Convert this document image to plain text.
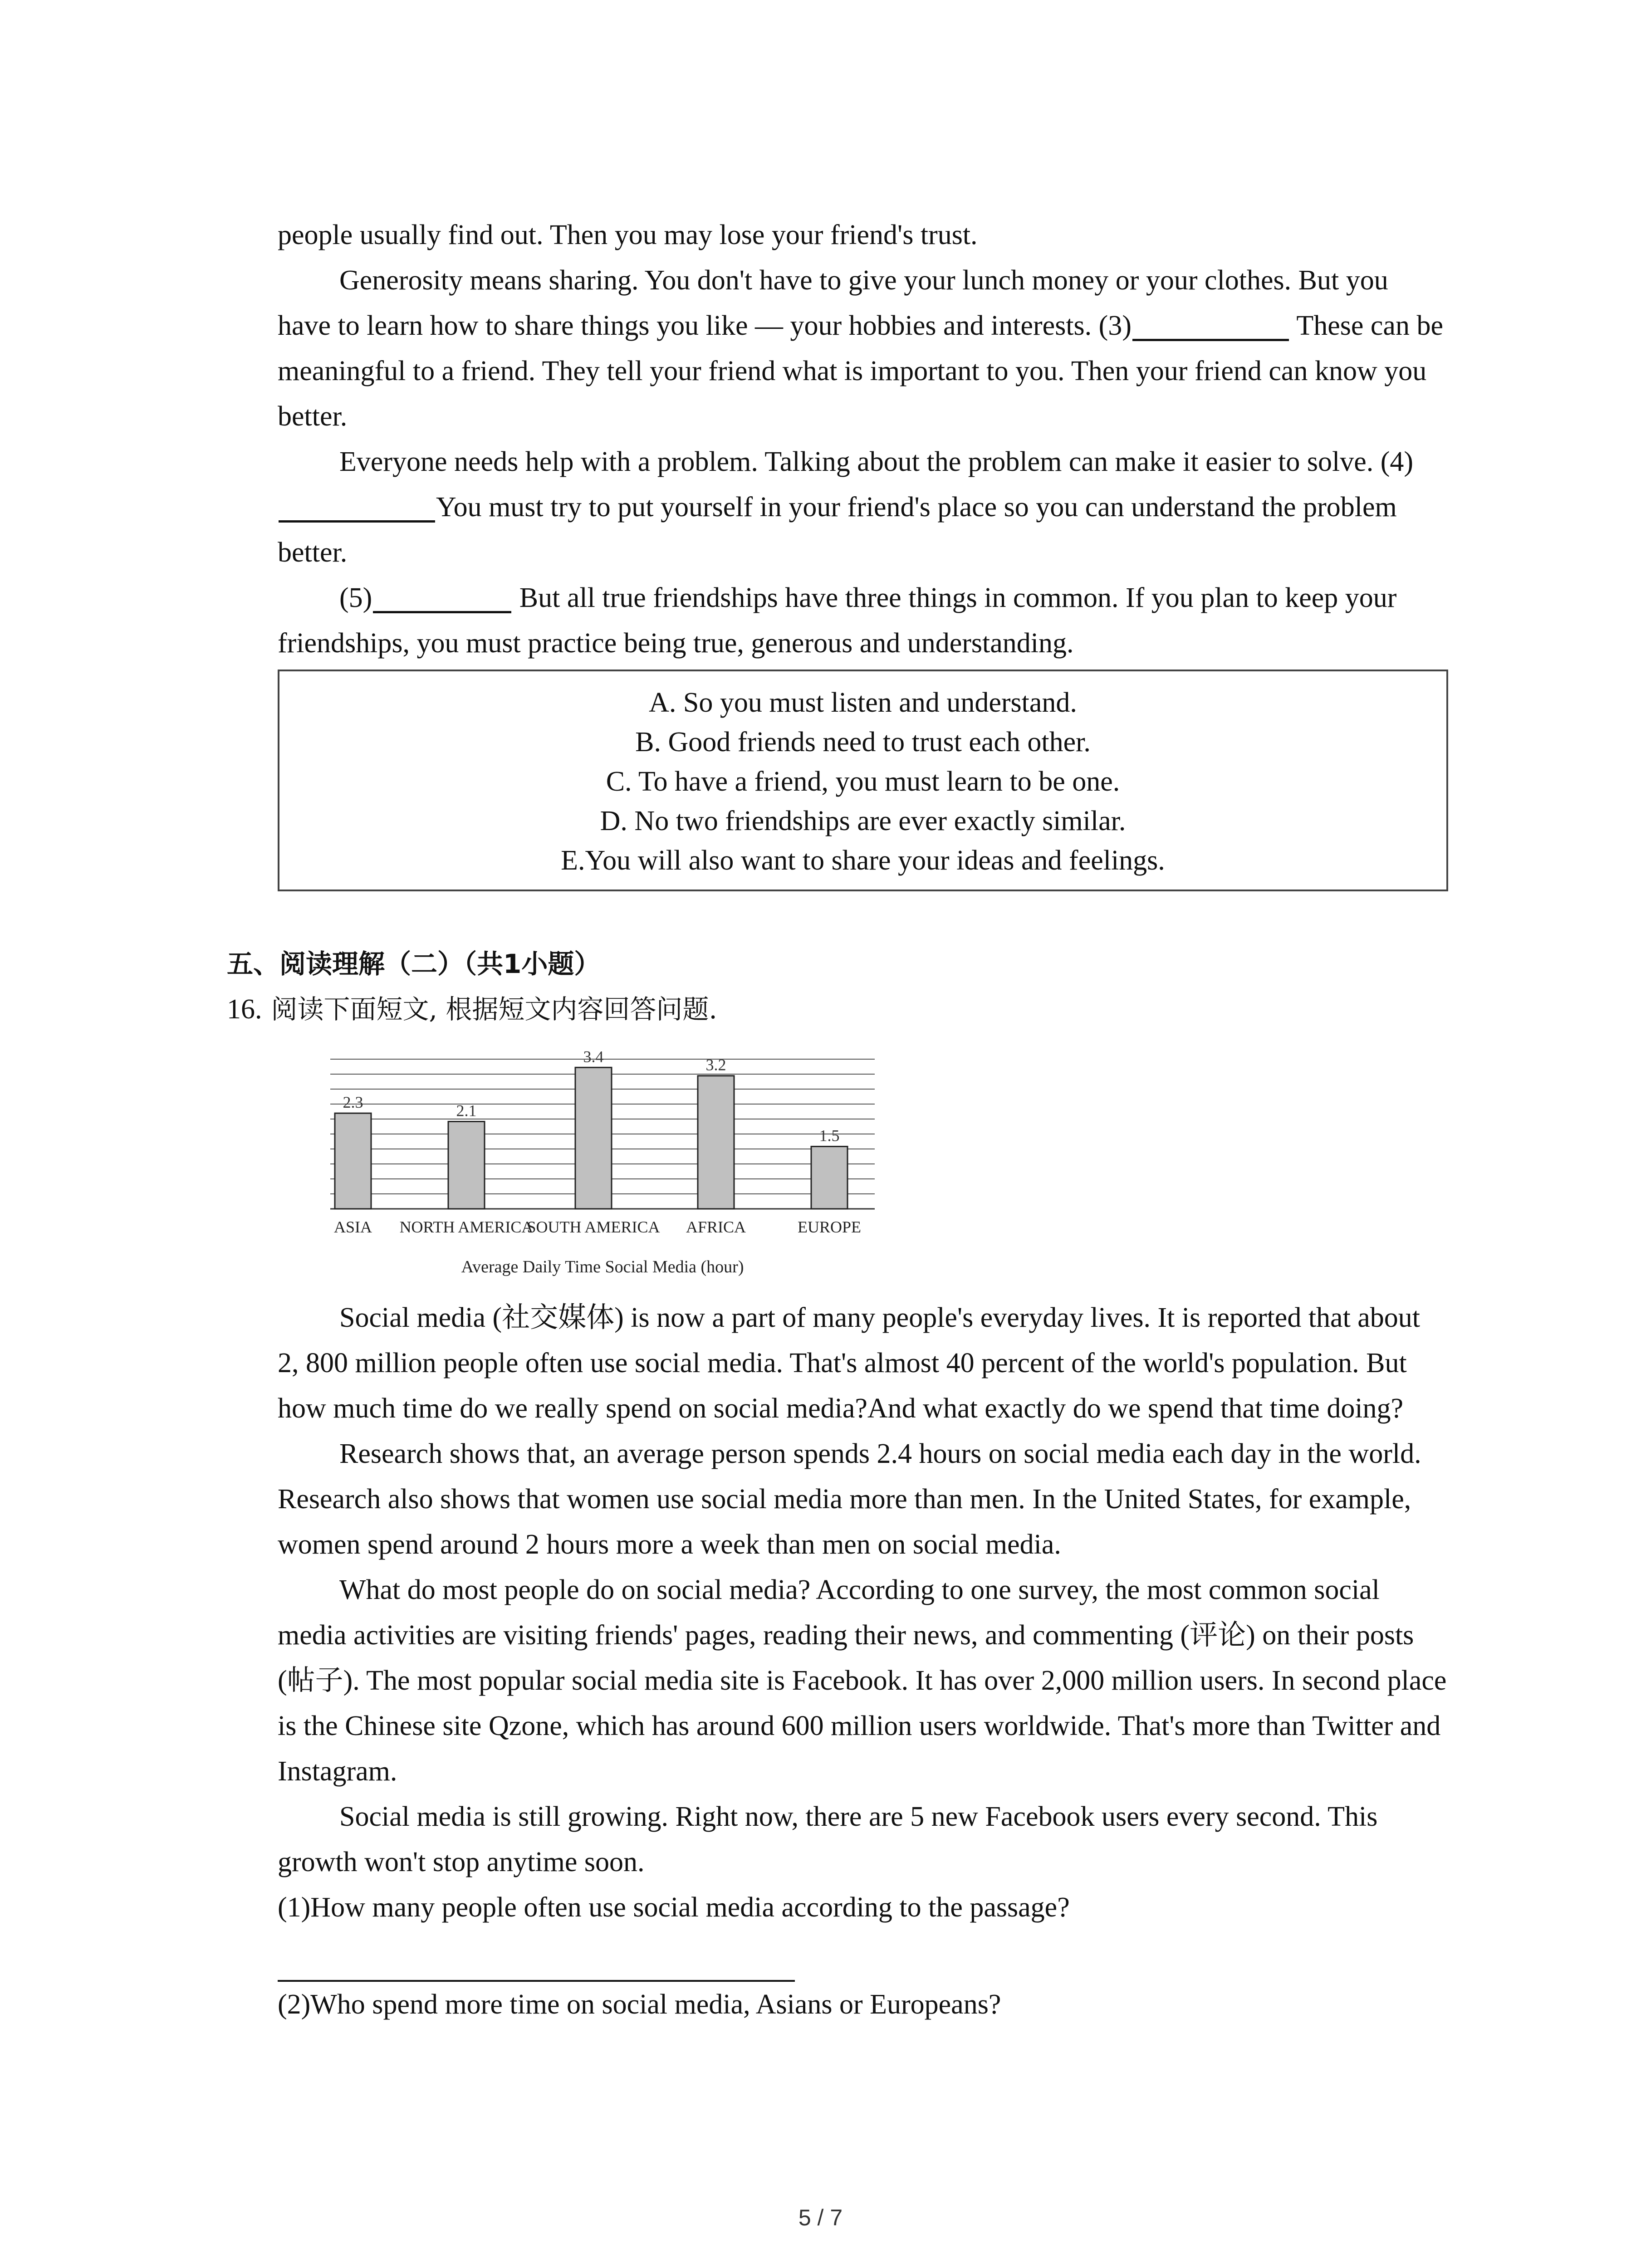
people usually find out. Then you may lose your friend's trust.

Generosity means sharing. You don't have to give your lunch money or your clothes. But you have to learn how to share things you like — your hobbies and interests. (3)	These can be meaningful to a friend. They tell your friend what is important to you. Then your friend can know you better.

Everyone needs help with a problem. Talking about the problem can make it easier to solve. (4)You must try to put yourself in your friend's place so you can understand the problem better.

(5)	But all true friendships have three things in common. If you plan to keep your friendships, you must practice being true, generous and understanding.

A. So you must listen and understand.
B. Good friends need to trust each other.
C. To have a friend, you must learn to be one.
D. No two friendships are ever exactly similar.
E.You will also want to share your ideas and feelings.
五、阅读理解（二）（共1小题）
16. 阅读下面短文, 根据短文内容回答问题.
2.3	2.1
3.4	3.2
1.5
ASIA NORTH AMERICA
SOUTH AMERICA AFRICA	EUROPE
Average Daily Time Social Media (hour)

Social media (社交媒体) is now a part of many people's everyday lives. It is reported that about 2, 800 million people often use social media. That's almost 40 percent of the world's population. But how much time do we really spend on social media?And what exactly do we spend that time doing?

Research shows that, an average person spends 2.4 hours on social media each day in the world. Research also shows that women use social media more than men. In the United States, for example, women spend around 2 hours more a week than men on social media.

What do most people do on social media? According to one survey, the most common social media activities are visiting friends' pages, reading their news, and commenting (评论) on their posts (帖子). The most popular social media site is Facebook. It has over 2,000 million users. In second place is the Chinese site Qzone, which has around 600 million users worldwide. That's more than Twitter and Instagram.

Social media is still growing. Right now, there are 5 new Facebook users every second. This growth won't stop anytime soon.

(1)How many people often use social media according to the passage?

(2)Who spend more time on social media, Asians or Europeans?

5 / 7
